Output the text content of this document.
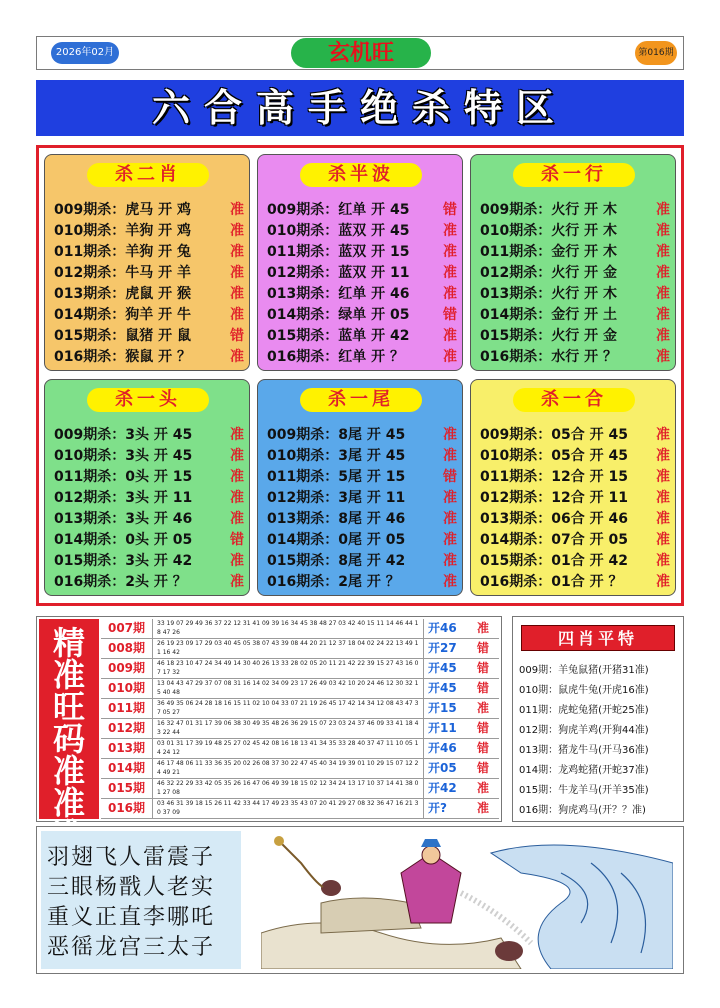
2026年02月	玄机旺	第016期
六合高手绝杀特区
杀二肖
009期杀：虎马 开 鸡	准
010期杀：羊狗 开 鸡	准
011期杀：羊狗 开 兔	准
012期杀：牛马 开 羊	准
013期杀：虎鼠 开 猴	准
014期杀：狗羊 开 牛	准
015期杀：鼠猪 开 鼠	错
016期杀：猴鼠 开 ？	准
杀半波
009期杀：红单 开 45 错
010期杀：蓝双 开 45 准
011期杀：蓝双 开 15 准
012期杀：蓝双 开 11 准
013期杀：红单 开 46 准
014期杀：绿单 开 05 错
015期杀：蓝单 开 42 准
016期杀：红单 开 ？	准
杀一行
009期杀：火行 开 木	准
010期杀：火行 开 木	准
011期杀：金行 开 木	准
012期杀：火行 开 金	准
013期杀：火行 开 木	准
014期杀：金行 开 土	准
015期杀：火行 开 金	准
016期杀：水行 开 ？	准
杀一头
009期杀：3头 开 45	准
010期杀：3头 开 45	准
011期杀：0头 开 15	准
012期杀：3头 开 11	准
013期杀：3头 开 46	准
014期杀：0头 开 05	错
015期杀：3头 开 42	准
016期杀：2头 开 ？	准
杀一尾
009期杀：8尾 开 45	准
010期杀：3尾 开 45	准
011期杀：5尾 开 15	错
012期杀：3尾 开 11	准
013期杀：8尾 开 46	准
014期杀：0尾 开 05	准
015期杀：8尾 开 42	准
016期杀：2尾 开 ？	准
杀一合
009期杀：05合 开 45 准
010期杀：05合 开 45 准
011期杀：12合 开 15 准
012期杀：12合 开 11 准
013期杀：06合 开 46 准
014期杀：07合 开 05 准
015期杀：01合 开 42 准
016期杀：01合 开 ？ 准
精准旺码准准
007期	33 19 07 29 49 36 37 22 12 31 41 09 39 16 34 45 38 48 27 03 42 40 15 11 14 46 44 18 47 26	开46	准
008期	26 19 23 09 17 29 03 40 45 05 38 07 43 39 08 44 20 21 12 37 18 04 02 24 22 13 49 11 16 42	开27	错
009期	46 18 23 10 47 24 34 49 14 30 40 26 13 33 28 02 05 20 11 21 42 22 39 15 27 43 16 07 17 32	开45	错
010期	13 04 43 47 29 37 07 08 31 16 14 02 34 09 23 17 26 49 03 42 10 20 24 46 12 30 32 15 40 48	开45	错
011期	36 49 35 06 24 28 18 16 15 11 02 10 04 33 07 21 19 26 45 17 42 14 34 12 08 43 47 37 05 27	开15	准
012期	16 32 47 01 31 17 39 06 38 30 49 35 48 26 36 29 15 07 23 03 24 37 46 09 33 41 18 43 22 44	开11	错
013期	03 01 31 17 39 19 48 25 27 02 45 42 08 16 18 13 41 34 35 33 28 40 37 47 11 10 05 14 24 12	开46	错
014期	46 17 48 06 11 33 36 35 20 02 26 08 37 30 22 47 45 40 34 19 39 01 10 29 15 07 12 24 49 21	开05	错
015期	46 32 22 29 33 42 05 35 26 16 47 06 49 39 18 15 02 12 34 24 13 17 10 37 14 41 38 01 27 08	开42	准
016期	03 46 31 39 18 15 26 11 42 33 44 17 49 23 35 43 07 20 41 29 27 08 32 36 47 16 21 30 37 09	开?	准
四肖平特
009期：羊兔鼠猪(开猪31准)
010期：鼠虎牛兔(开虎16准)
011期：虎蛇兔猪(开蛇25准)
012期：狗虎羊鸡(开狗44准)
013期：猪龙牛马(开马36准)
014期：龙鸡蛇猪(开蛇37准)
015期：牛龙羊马(开羊35准)
016期：狗虎鸡马(开？？准)
羽翅飞人雷震子
三眼杨戬人老实
重义正直李哪吒
恶徭龙宫三太子
